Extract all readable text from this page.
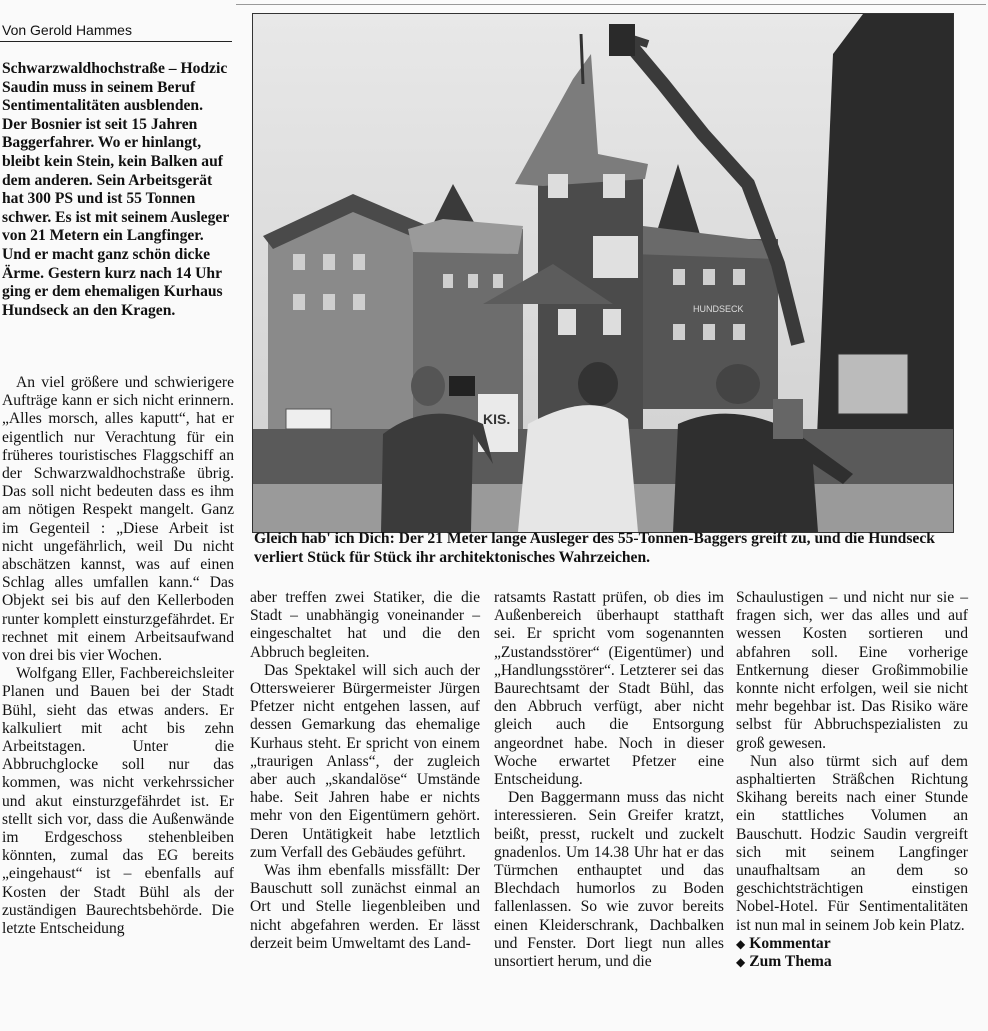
Von Gerold Hammes
Schwarzwaldhochstraße – Hodzic Saudin muss in seinem Beruf Sentimentalitäten ausblenden. Der Bosnier ist seit 15 Jahren Baggerfahrer. Wo er hinlangt, bleibt kein Stein, kein Balken auf dem anderen. Sein Arbeitsgerät hat 300 PS und ist 55 Tonnen schwer. Es ist mit seinem Ausleger von 21 Metern ein Langfinger. Und er macht ganz schön dicke Ärme. Gestern kurz nach 14 Uhr ging er dem ehemaligen Kurhaus Hundseck an den Kragen.

An viel größere und schwierigere Aufträge kann er sich nicht erinnern. „Alles morsch, alles kaputt“, hat er eigentlich nur Verachtung für ein früheres touristisches Flaggschiff an der Schwarzwaldhochstraße übrig. Das soll nicht bedeuten dass es ihm am nötigen Respekt mangelt. Ganz im Gegenteil : „Diese Arbeit ist nicht ungefährlich, weil Du nicht abschätzen kannst, was auf einen Schlag alles umfallen kann.“ Das Objekt sei bis auf den Kellerboden runter komplett einsturzgefährdet. Er rechnet mit einem Arbeitsaufwand von drei bis vier Wochen.

Wolfgang Eller, Fachbereichsleiter Planen und Bauen bei der Stadt Bühl, sieht das etwas anders. Er kalkuliert mit acht bis zehn Arbeitstagen. Unter die Abbruchglocke soll nur das kommen, was nicht verkehrssicher und akut einsturzgefährdet ist. Er stellt sich vor, dass die Außenwände im Erdgeschoss stehenbleiben könnten, zumal das EG bereits „eingehaust“ ist – ebenfalls auf Kosten der Stadt Bühl als der zuständigen Baurechtsbehörde. Die letzte Entscheidung

HUNDSECK
KIS.
Gleich hab' ich Dich: Der 21 Meter lange Ausleger des 55-Tonnen-Baggers greift zu, und die Hundseck verliert Stück für Stück ihr architektonisches Wahrzeichen.

aber treffen zwei Statiker, die die Stadt – unabhängig voneinander – eingeschaltet hat und die den Abbruch begleiten.

Das Spektakel will sich auch der Ottersweierer Bürgermeister Jürgen Pfetzer nicht entgehen lassen, auf dessen Gemarkung das ehemalige Kurhaus steht. Er spricht von einem „traurigen Anlass“, der zugleich aber auch „skandalöse“ Umstände habe. Seit Jahren habe er nichts mehr von den Eigentümern gehört. Deren Untätigkeit habe letztlich zum Verfall des Gebäudes geführt.

Was ihm ebenfalls missfällt: Der Bauschutt soll zunächst einmal an Ort und Stelle liegenbleiben und nicht abgefahren werden. Er lässt derzeit beim Umweltamt des Land-

ratsamts Rastatt prüfen, ob dies im Außenbereich überhaupt statthaft sei. Er spricht vom sogenannten „Zustandsstörer“ (Eigentümer) und „Handlungsstörer“. Letzterer sei das Baurechtsamt der Stadt Bühl, das den Abbruch verfügt, aber nicht gleich auch die Entsorgung angeordnet habe. Noch in dieser Woche erwartet Pfetzer eine Entscheidung.

Den Baggermann muss das nicht interessieren. Sein Greifer kratzt, beißt, presst, ruckelt und zuckelt gnadenlos. Um 14.38 Uhr hat er das Türmchen enthauptet und das Blechdach humorlos zu Boden fallenlassen. So wie zuvor bereits einen Kleiderschrank, Dachbalken und Fenster. Dort liegt nun alles unsortiert herum, und die

Schaulustigen – und nicht nur sie – fragen sich, wer das alles und auf wessen Kosten sortieren und abfahren soll. Eine vorherige Entkernung dieser Großimmobilie konnte nicht erfolgen, weil sie nicht mehr begehbar ist. Das Risiko wäre selbst für Abbruchspezialisten zu groß gewesen.

Nun also türmt sich auf dem asphaltierten Sträßchen Richtung Skihang bereits nach einer Stunde ein stattliches Volumen an Bauschutt. Hodzic Saudin vergreift sich mit seinem Langfinger unaufhaltsam an dem so geschichtsträchtigen einstigen Nobel-Hotel. Für Sentimentalitäten ist nun mal in seinem Job kein Platz.

◆ Kommentar
◆ Zum Thema
